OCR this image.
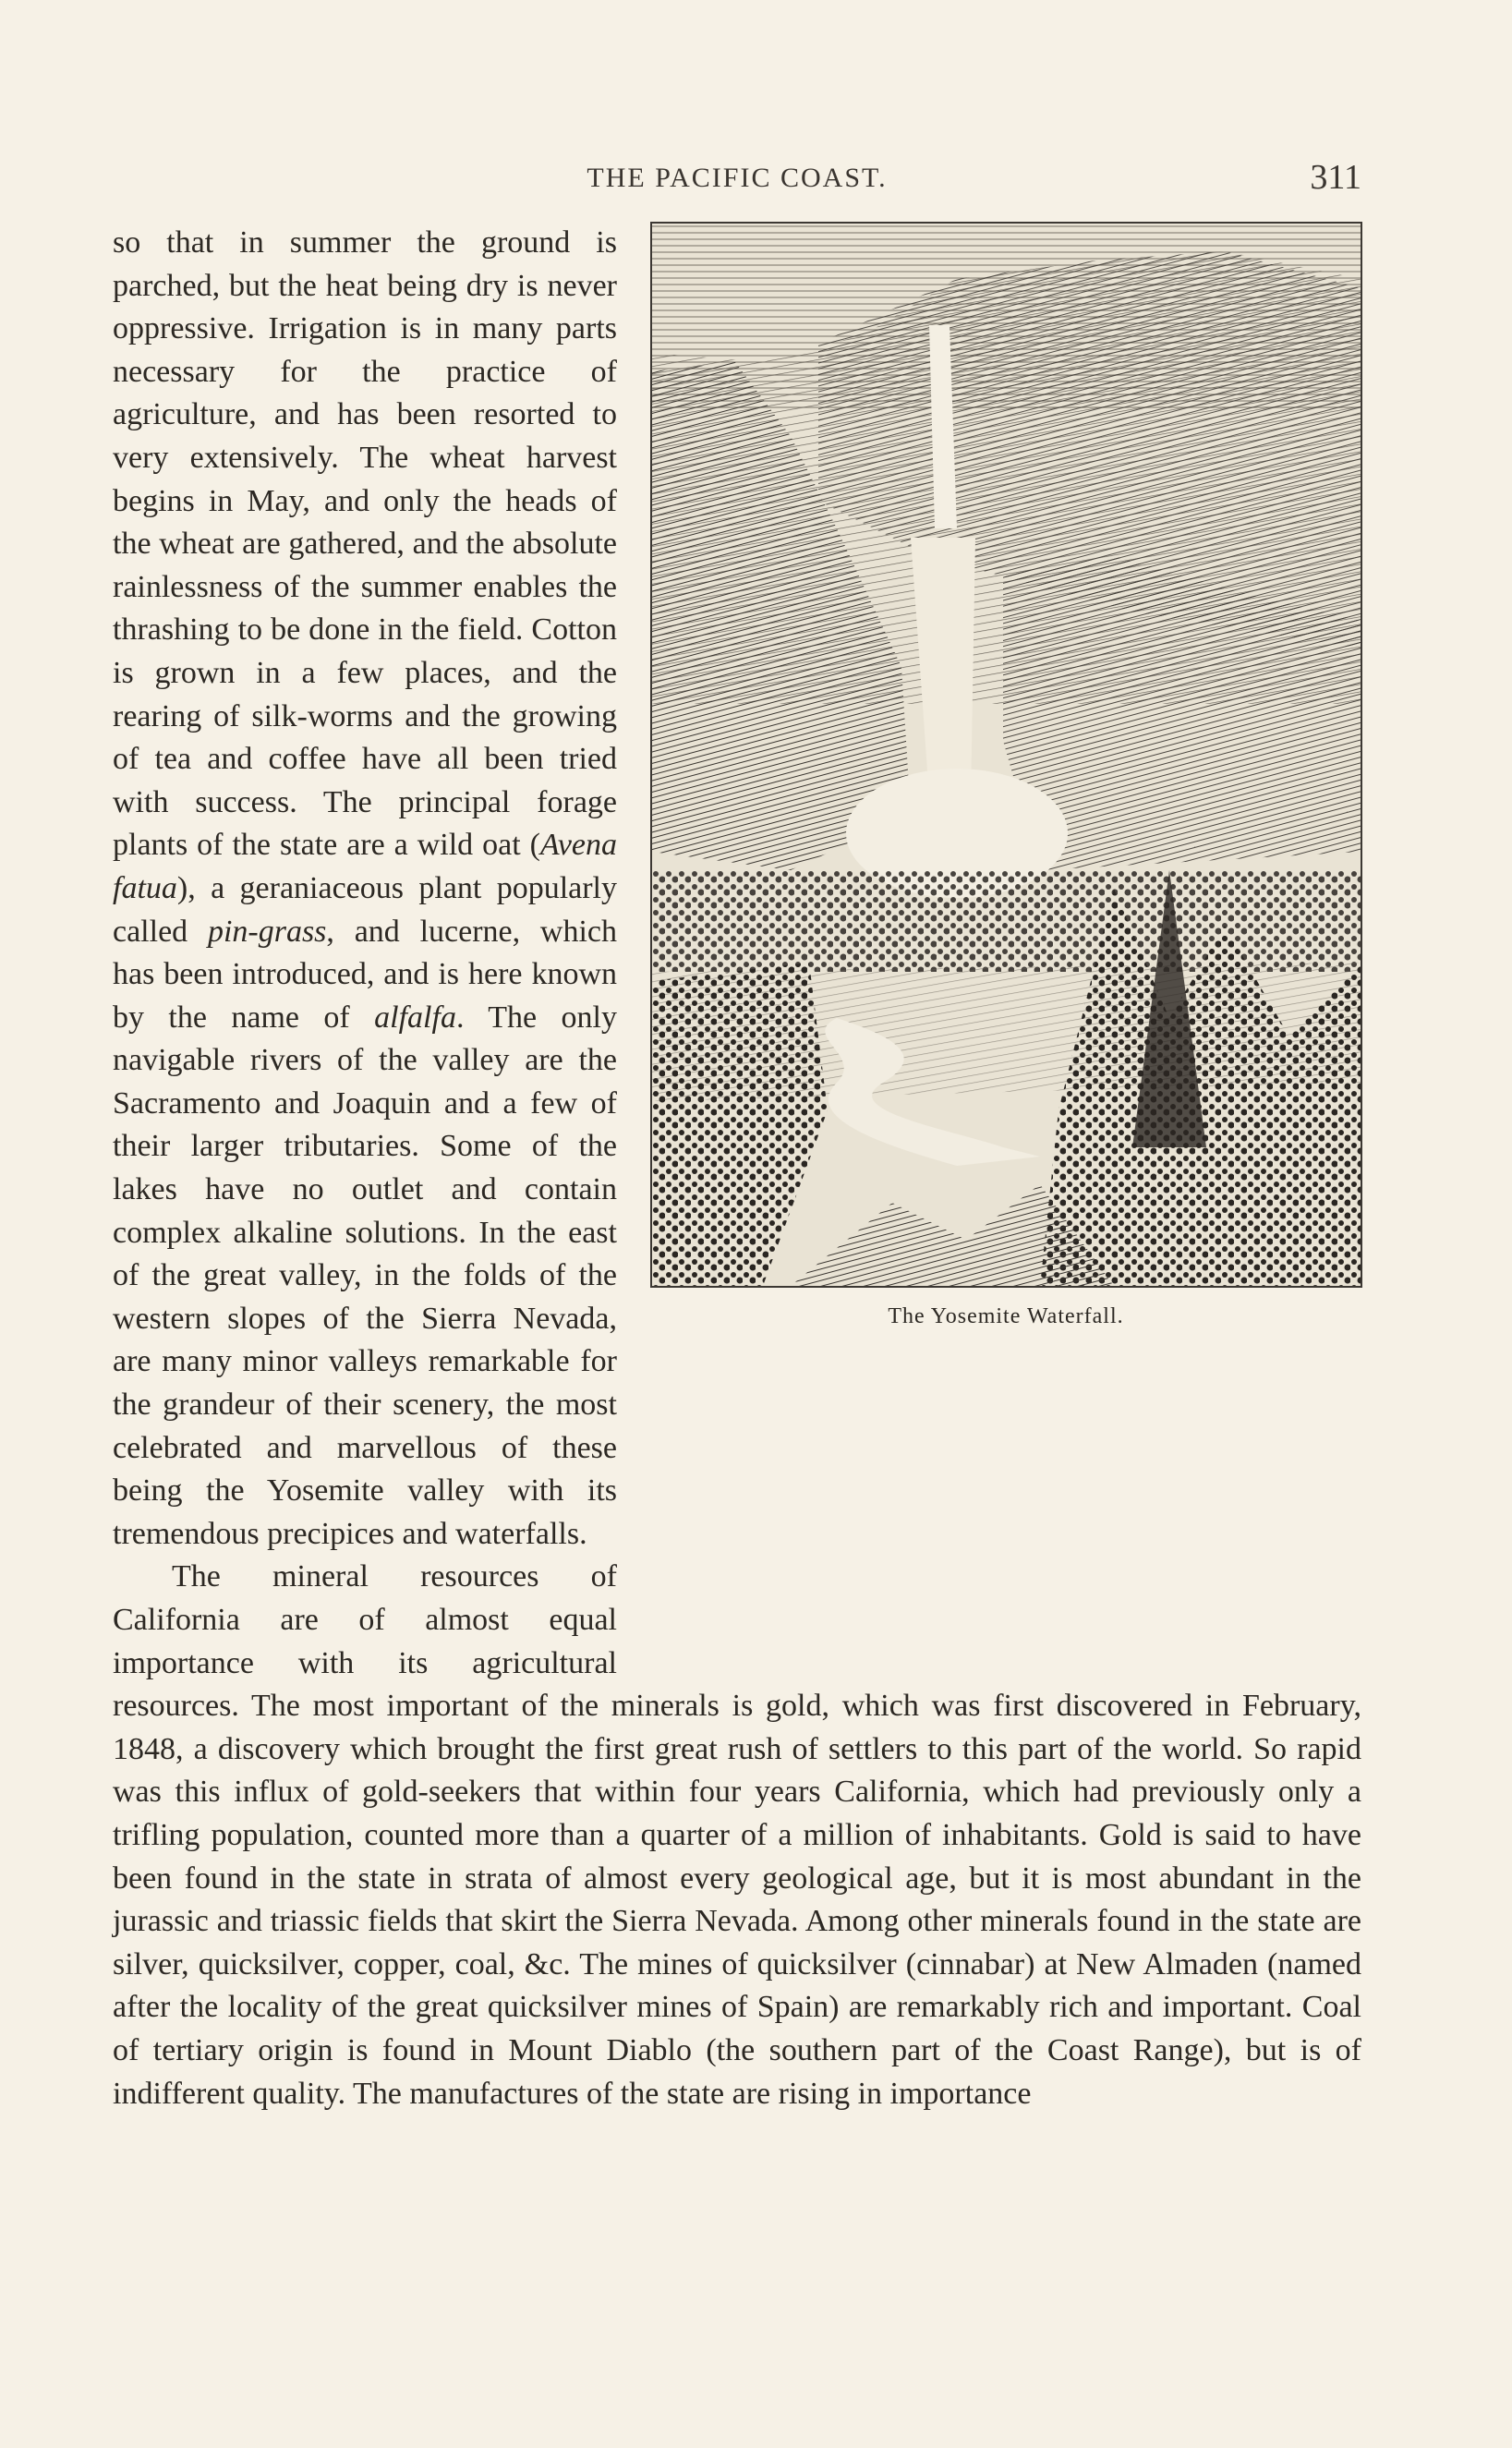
THE PACIFIC COAST.	311
The Yosemite Waterfall.

so that in summer the ground is parched, but the heat being dry is never oppressive. Irrigation is in many parts necessary for the practice of agriculture, and has been resorted to very extensively. The wheat harvest begins in May, and only the heads of the wheat are gathered, and the absolute rainlessness of the summer enables the thrashing to be done in the field. Cotton is grown in a few places, and the rearing of silk-worms and the growing of tea and coffee have all been tried with success. The principal forage plants of the state are a wild oat (Avena fatua), a geraniaceous plant popularly called pin-grass, and lucerne, which has been introduced, and is here known by the name of alfalfa. The only navigable rivers of the valley are the Sacramento and Joaquin and a few of their larger tributaries. Some of the lakes have no outlet and contain complex alkaline solutions. In the east of the great valley, in the folds of the western slopes of the Sierra Nevada, are many minor valleys remarkable for the grandeur of their scenery, the most celebrated and marvellous of these being the Yosemite valley with its tremendous precipices and waterfalls.

The mineral resources of California are of almost equal importance with its agricultural resources. The most important of the minerals is gold, which was first discovered in February, 1848, a discovery which brought the first great rush of settlers to this part of the world. So rapid was this influx of gold-seekers that within four years California, which had previously only a trifling population, counted more than a quarter of a million of inhabitants. Gold is said to have been found in the state in strata of almost every geological age, but it is most abundant in the jurassic and triassic fields that skirt the Sierra Nevada. Among other minerals found in the state are silver, quicksilver, copper, coal, &c. The mines of quicksilver (cinnabar) at New Almaden (named after the locality of the great quicksilver mines of Spain) are remarkably rich and important. Coal of tertiary origin is found in Mount Diablo (the southern part of the Coast Range), but is of indifferent quality. The manufactures of the state are rising in importance
